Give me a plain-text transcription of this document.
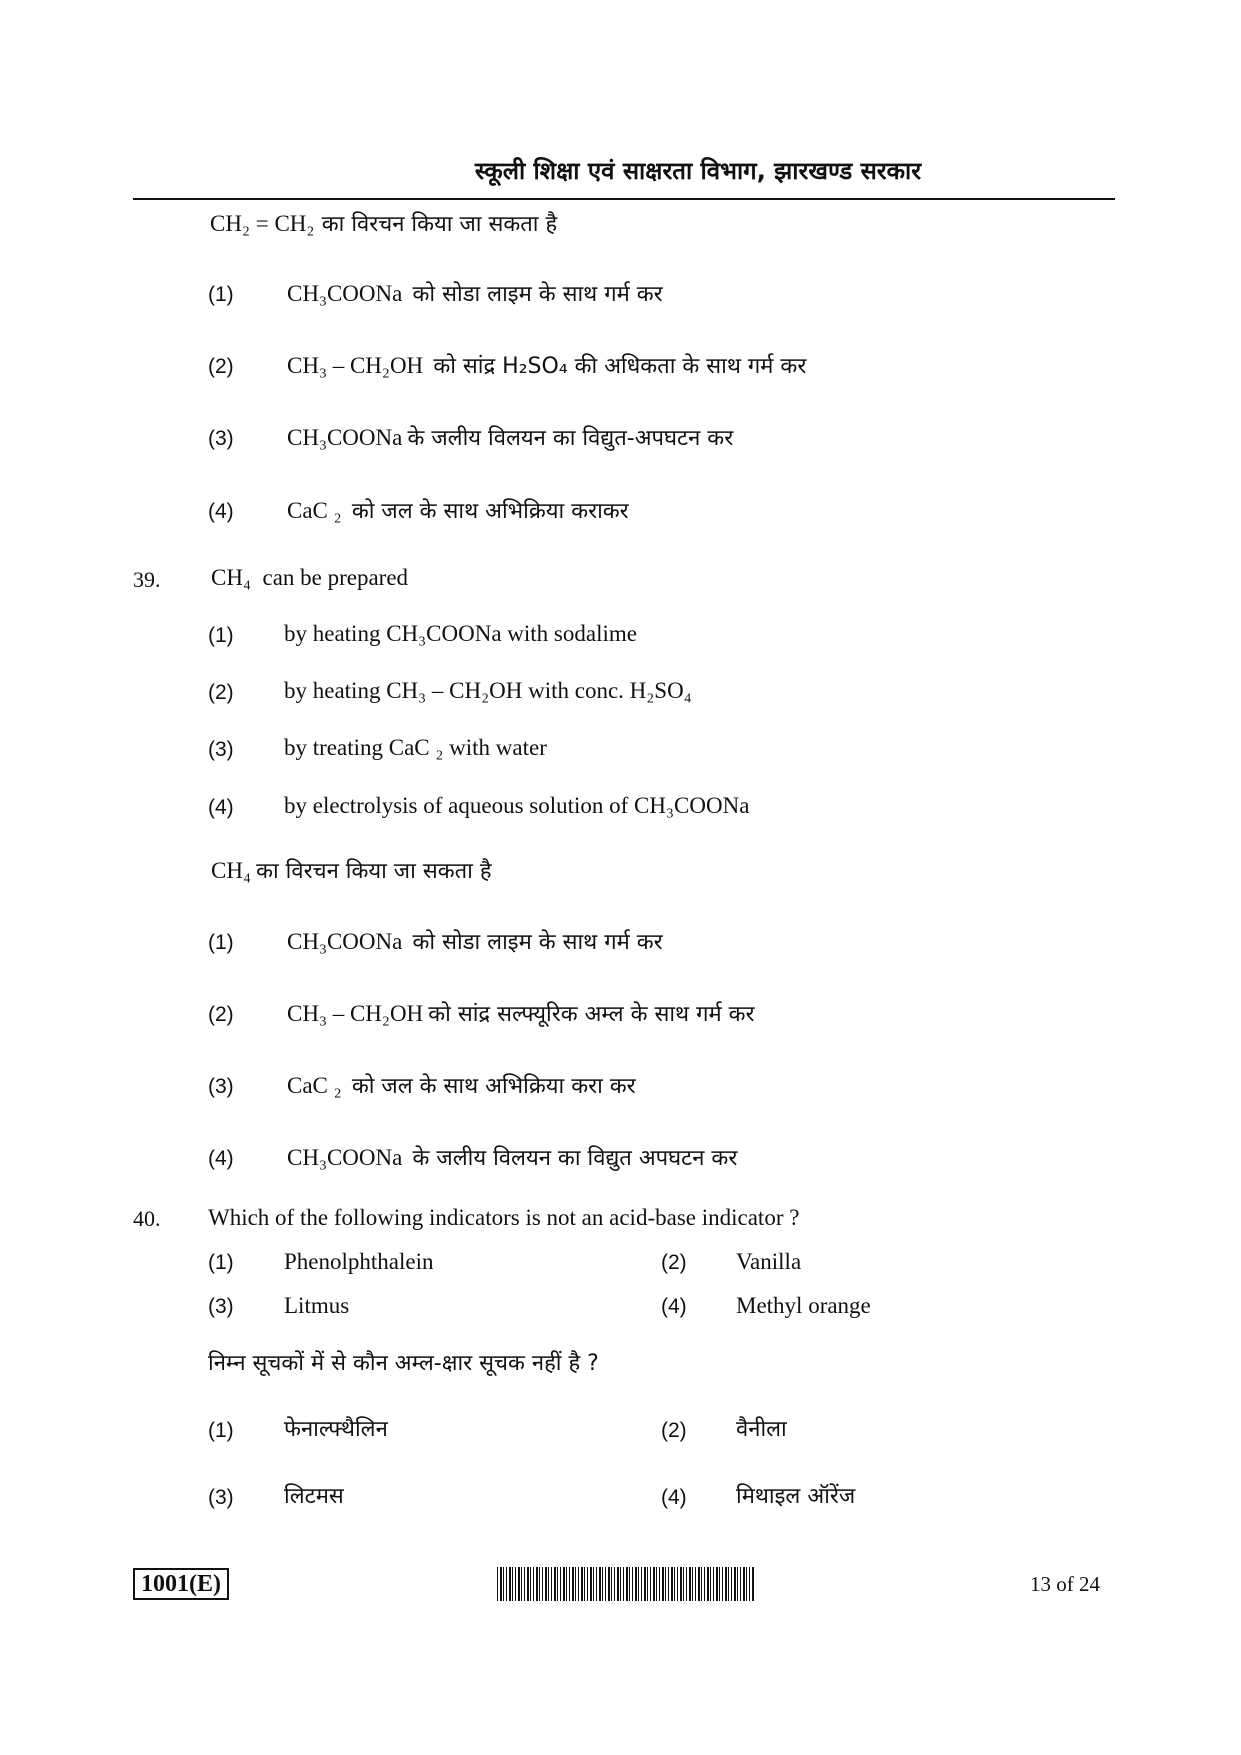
स्कूली शिक्षा एवं साक्षरता विभाग, झारखण्ड सरकार
CH₂ = CH₂ का विरचन किया जा सकता है
(1) CH₃COONa को सोडा लाइम के साथ गर्म कर
(2) CH₃ – CH₂OH को सांद्र H₂SO₄ की अधिकता के साथ गर्म कर
(3) CH₃COONa के जलीय विलयन का विद्युत-अपघटन कर
(4) CaC ₂ को जल के साथ अभिक्रिया कराकर
39. CH₄ can be prepared
(1) by heating CH₃COONa with sodalime
(2) by heating CH₃ – CH₂OH with conc. H₂SO₄
(3) by treating CaC ₂ with water
(4) by electrolysis of aqueous solution of CH₃COONa
CH₄ का विरचन किया जा सकता है
(1) CH₃COONa को सोडा लाइम के साथ गर्म कर
(2) CH₃ – CH₂OH को सांद्र सल्फ्यूरिक अम्ल के साथ गर्म कर
(3) CaC ₂ को जल के साथ अभिक्रिया करा कर
(4) CH₃COONa के जलीय विलयन का विद्युत अपघटन कर
40. Which of the following indicators is not an acid-base indicator ?
(1) Phenolphthalein	(2) Vanilla
(3) Litmus	(4) Methyl orange
निम्न सूचकों में से कौन अम्ल-क्षार सूचक नहीं है ?
(1) फेनाल्फ्थैलिन	(2) वैनीला
(3) लिटमस	(4) मिथाइल ऑरेंज
1001(E)	13 of 24
